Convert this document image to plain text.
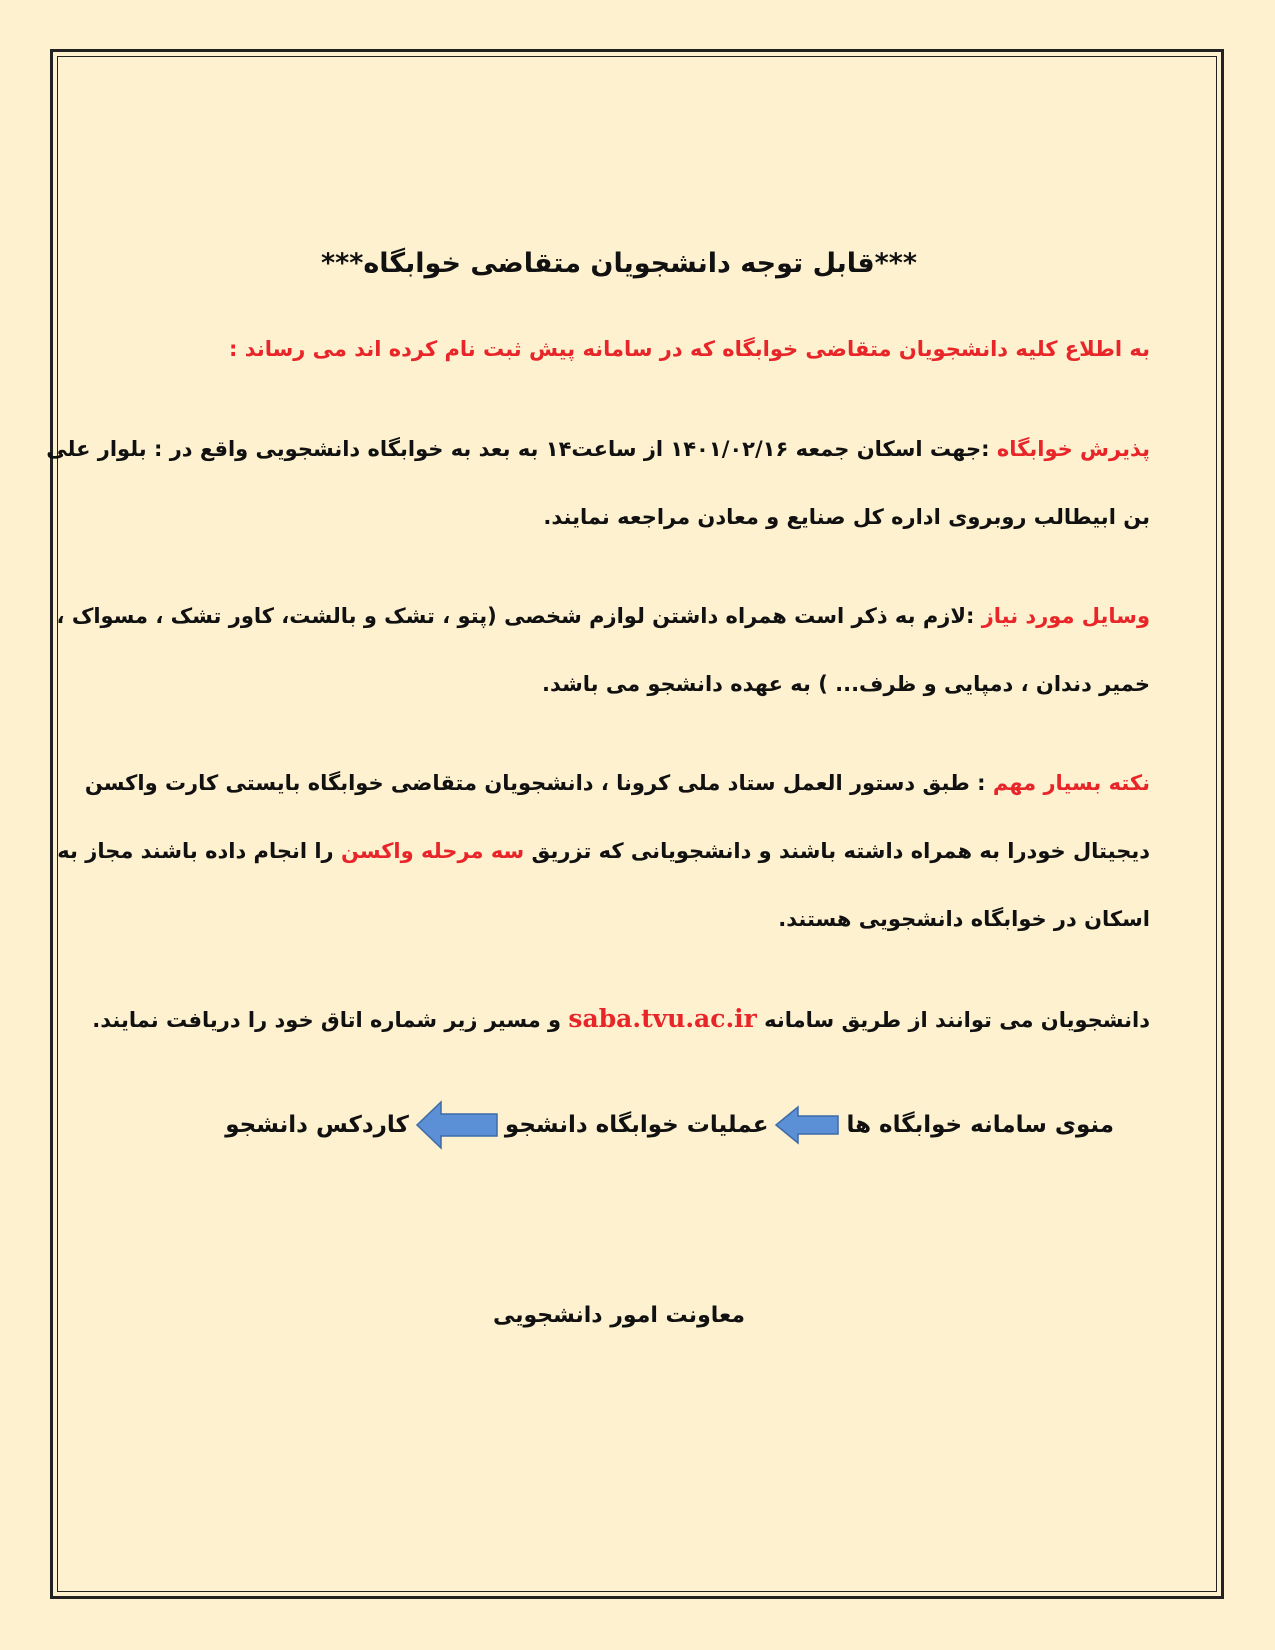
***قابل توجه دانشجویان متقاضی خوابگاه***
به اطلاع کلیه دانشجویان متقاضی خوابگاه که در سامانه پیش ثبت نام کرده اند می رساند :
پذیرش خوابگاه :جهت اسکان جمعه ۱۴۰۱/۰۲/۱۶ از ساعت۱۴ به بعد به خوابگاه دانشجویی واقع در : بلوار علی
بن ابیطالب روبروی اداره کل صنایع و معادن مراجعه نمایند.
وسایل مورد نیاز :لازم به ذکر است همراه داشتن لوازم شخصی (پتو ، تشک و بالشت، کاور تشک ، مسواک ،
خمیر دندان ، دمپایی و ظرف... ) به عهده دانشجو می باشد.
نکته بسیار مهم : طبق دستور العمل ستاد ملی کرونا ، دانشجویان متقاضی خوابگاه بایستی کارت واکسن
دیجیتال خودرا به همراه داشته باشند و دانشجویانی که تزریق سه مرحله واکسن را انجام داده باشند مجاز به
اسکان در خوابگاه دانشجویی هستند.
دانشجویان می توانند از طریق سامانه saba.tvu.ac.ir و مسیر زیر شماره اتاق خود را دریافت نمایند.
منوی سامانه خوابگاه ها
عملیات خوابگاه دانشجو
کاردکس دانشجو
معاونت امور دانشجویی
